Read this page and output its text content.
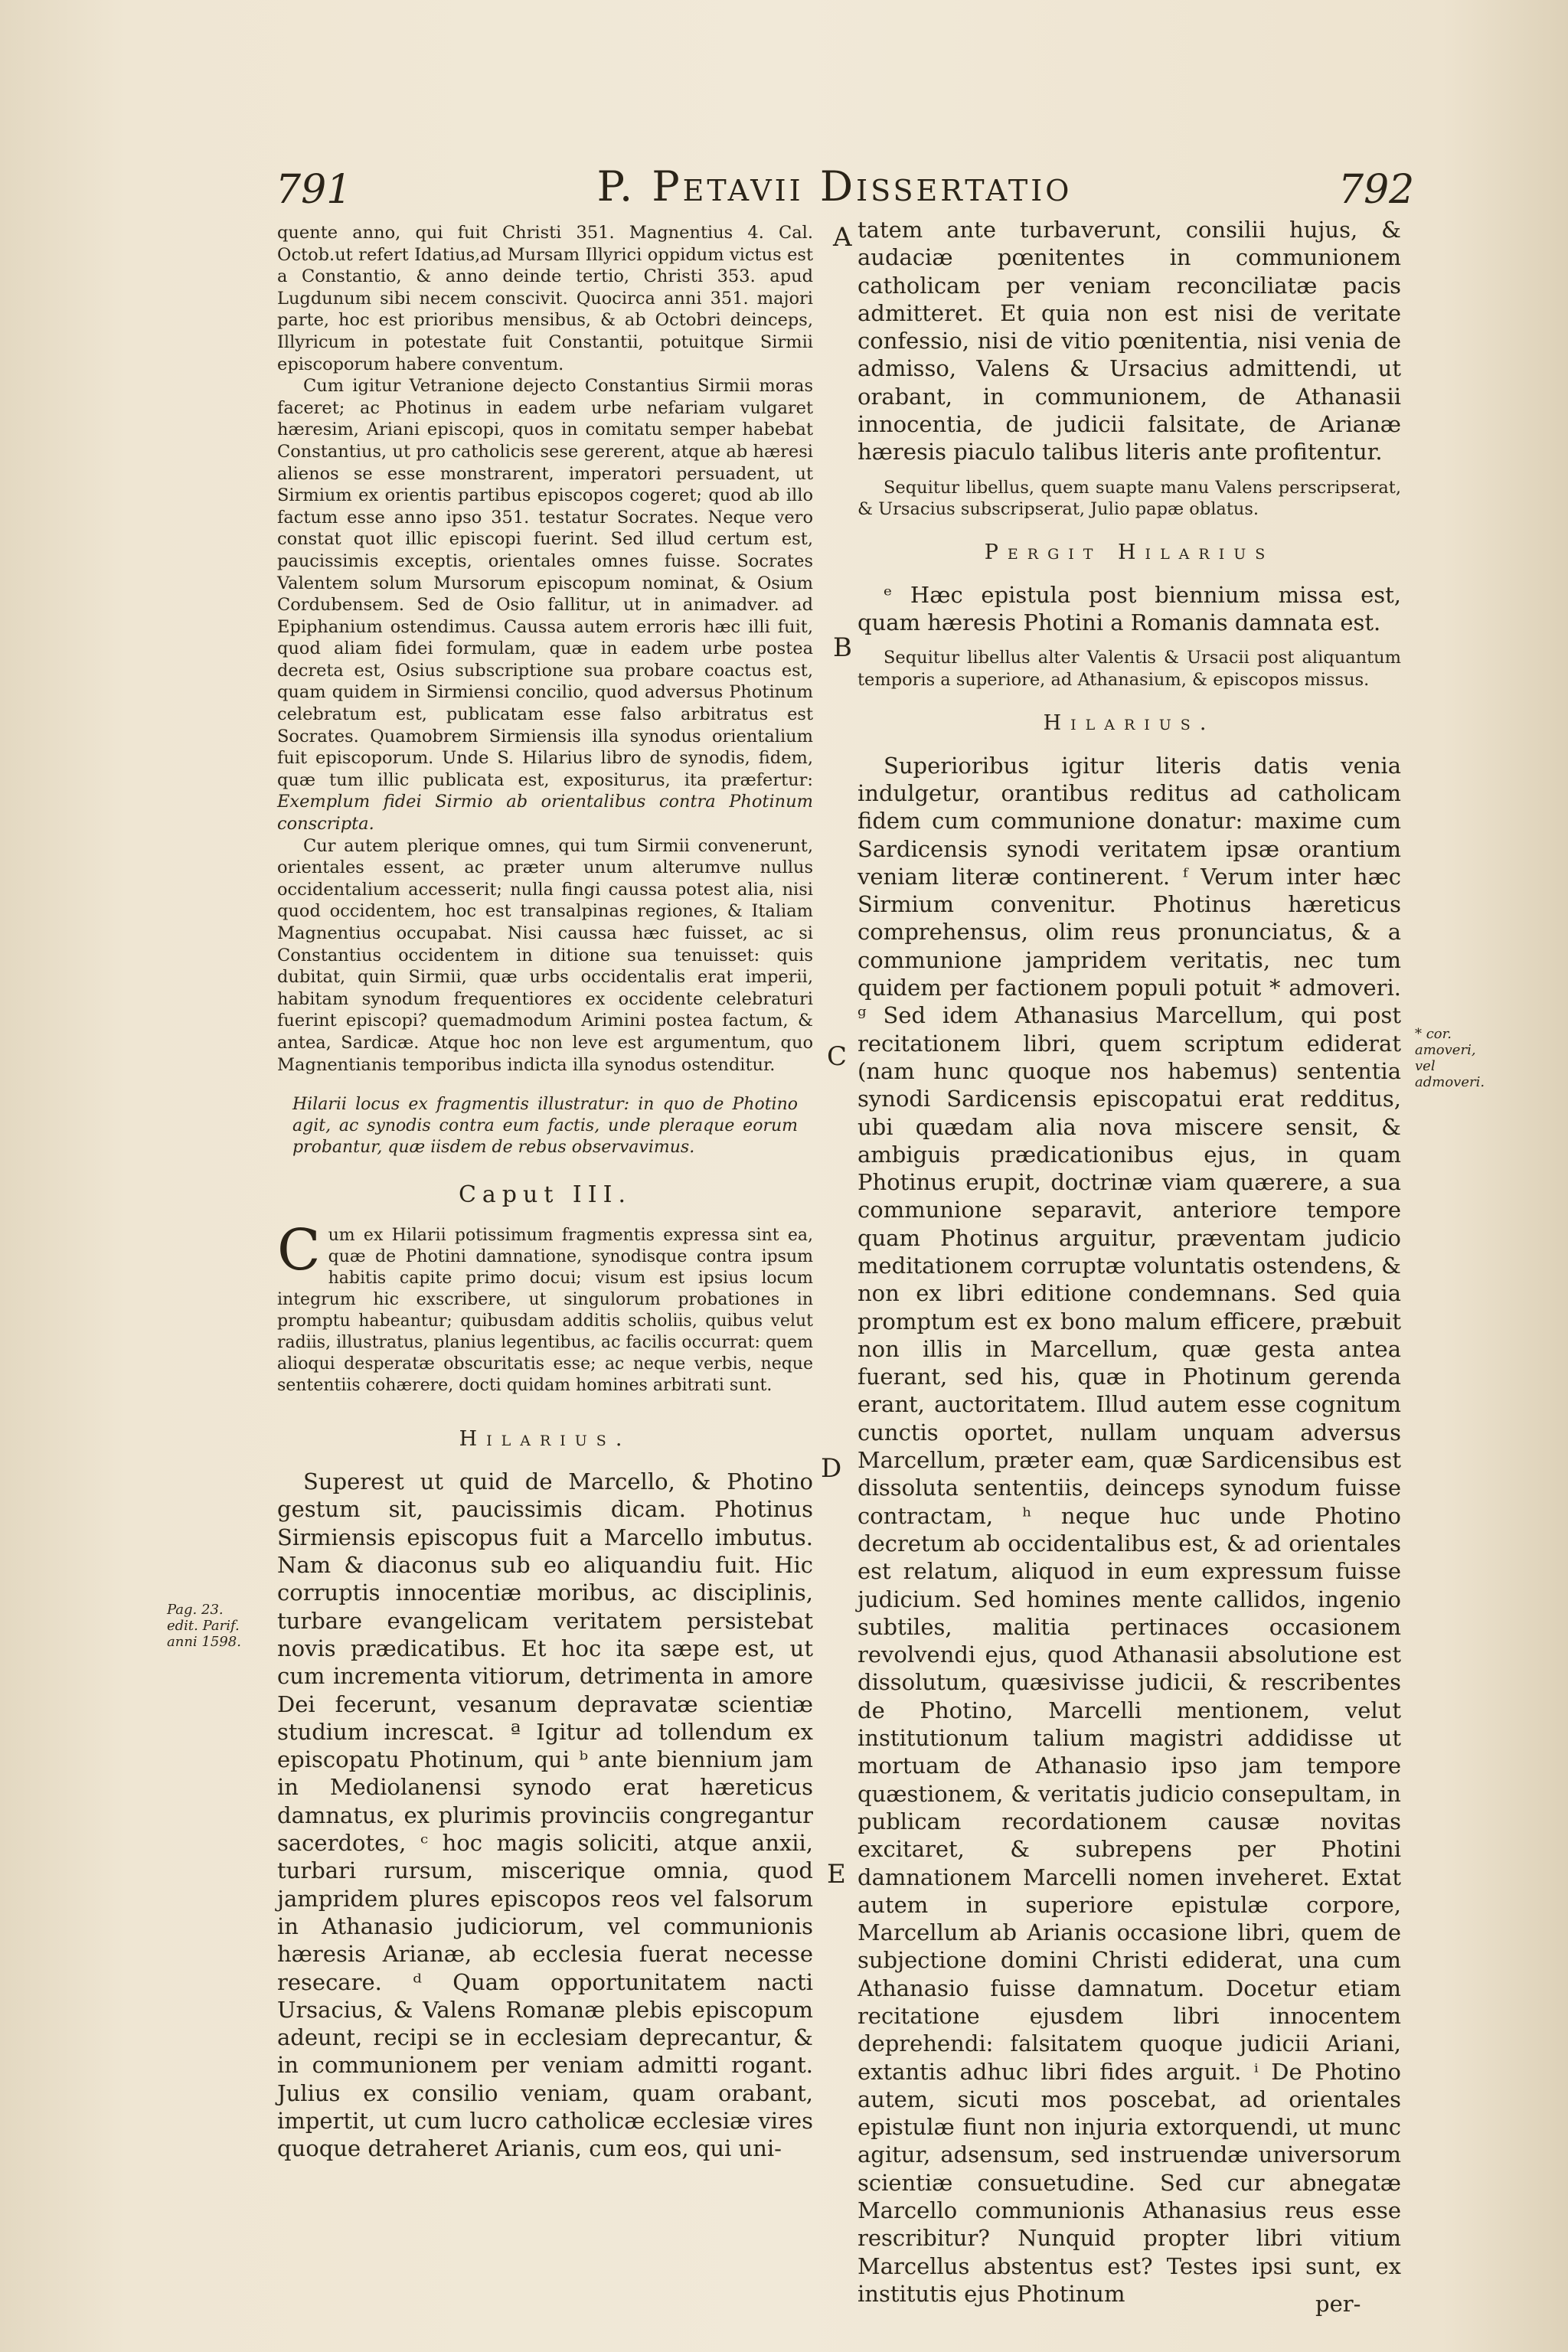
791	P. Petavii Dissertatio	792

quente anno, qui fuit Christi 351. Magnentius 4. Cal. Octob.ut refert Idatius,ad Mursam Illyrici oppidum victus est a Constantio, & anno deinde tertio, Christi 353. apud Lugdunum sibi necem conscivit. Quocirca anni 351. majori parte, hoc est prioribus mensibus, & ab Octobri deinceps, Illyricum in potestate fuit Constantii, potuitque Sirmii episcoporum habere conventum.

Cum igitur Vetranione dejecto Constantius Sirmii moras faceret; ac Photinus in eadem urbe nefariam vulgaret hæresim, Ariani episcopi, quos in comitatu semper habebat Constantius, ut pro catholicis sese gererent, atque ab hæresi alienos se esse monstrarent, imperatori persuadent, ut Sirmium ex orientis partibus episcopos cogeret; quod ab illo factum esse anno ipso 351. testatur Socrates. Neque vero constat quot illic episcopi fuerint. Sed illud certum est, paucissimis exceptis, orientales omnes fuisse. Socrates Valentem solum Mursorum episcopum nominat, & Osium Cordubensem. Sed de Osio fallitur, ut in animadver. ad Epiphanium ostendimus. Caussa autem erroris hæc illi fuit, quod aliam fidei formulam, quæ in eadem urbe postea decreta est, Osius subscriptione sua probare coactus est, quam quidem in Sirmiensi concilio, quod adversus Photinum celebratum est, publicatam esse falso arbitratus est Socrates. Quamobrem Sirmiensis illa synodus orientalium fuit episcoporum. Unde S. Hilarius libro de synodis, fidem, quæ tum illic publicata est, expositurus, ita præfertur: Exemplum fidei Sirmio ab orientalibus contra Photinum conscripta.

Cur autem plerique omnes, qui tum Sirmii convenerunt, orientales essent, ac præter unum alterumve nullus occidentalium accesserit; nulla fingi caussa potest alia, nisi quod occidentem, hoc est transalpinas regiones, & Italiam Magnentius occupabat. Nisi caussa hæc fuisset, ac si Constantius occidentem in ditione sua tenuisset: quis dubitat, quin Sirmii, quæ urbs occidentalis erat imperii, habitam synodum frequentiores ex occidente celebraturi fuerint episcopi? quemadmodum Arimini postea factum, & antea, Sardicæ. Atque hoc non leve est argumentum, quo Magnentianis temporibus indicta illa synodus ostenditur.

Hilarii locus ex fragmentis illustratur: in quo de Photino agit, ac synodis contra eum factis, unde pleraque eorum probantur, quæ iisdem de rebus observavimus.

Caput III.
C um ex Hilarii potissimum fragmentis expressa sint ea, quæ de Photini damnatione, synodisque contra ipsum habitis capite primo docui; visum est ipsius locum integrum hic exscribere, ut singulorum probationes in promptu habeantur; quibusdam additis scholiis, quibus velut radiis, illustratus, planius legentibus, ac facilis occurrat: quem alioqui desperatæ obscuritatis esse; ac neque verbis, neque sententiis cohærere, docti quidam homines arbitrati sunt.
Hilarius.

Superest ut quid de Marcello, & Photino gestum sit, paucissimis dicam. Photinus Sirmiensis episcopus fuit a Marcello imbutus. Nam & diaconus sub eo aliquandiu fuit. Hic corruptis innocentiæ moribus, ac disciplinis, turbare evangelicam veritatem persistebat novis prædicatibus. Et hoc ita sæpe est, ut cum incrementa vitiorum, detrimenta in amore Dei fecerunt, vesanum depravatæ scientiæ studium increscat. ª Igitur ad tollendum ex episcopatu Photinum, qui ᵇ ante biennium jam in Mediolanensi synodo erat hæreticus damnatus, ex plurimis provinciis congregantur sacerdotes, ᶜ hoc magis soliciti, atque anxii, turbari rursum, miscerique omnia, quod jampridem plures episcopos reos vel falsorum in Athanasio judiciorum, vel communionis hæresis Arianæ, ab ecclesia fuerat necesse resecare. ᵈ Quam opportunitatem nacti Ursacius, & Valens Romanæ plebis episcopum adeunt, recipi se in ecclesiam deprecantur, & in communionem per veniam admitti rogant. Julius ex consilio veniam, quam orabant, impertit, ut cum lucro catholicæ ecclesiæ vires quoque detraheret Arianis, cum eos, qui uni-

Pag. 23. edit. Parif. anni 1598.
A
B
C
D
E

tatem ante turbaverunt, consilii hujus, & audaciæ pœnitentes in communionem catholicam per veniam reconciliatæ pacis admitteret. Et quia non est nisi de veritate confessio, nisi de vitio pœnitentia, nisi venia de admisso, Valens & Ursacius admittendi, ut orabant, in communionem, de Athanasii innocentia, de judicii falsitate, de Arianæ hæresis piaculo talibus literis ante profitentur.

Sequitur libellus, quem suapte manu Valens perscripserat, & Ursacius subscripserat, Julio papæ oblatus.

Pergit Hilarius

ᵉ Hæc epistula post biennium missa est, quam hæresis Photini a Romanis damnata est.

Sequitur libellus alter Valentis & Ursacii post aliquantum temporis a superiore, ad Athanasium, & episcopos missus.

Hilarius.

Superioribus igitur literis datis venia indulgetur, orantibus reditus ad catholicam fidem cum communione donatur: maxime cum Sardicensis synodi veritatem ipsæ orantium veniam literæ continerent. ᶠ Verum inter hæc Sirmium convenitur. Photinus hæreticus comprehensus, olim reus pronunciatus, & a communione jampridem veritatis, nec tum quidem per factionem populi potuit * admoveri. ᵍ Sed idem Athanasius Marcellum, qui post recitationem libri, quem scriptum ediderat (nam hunc quoque nos habemus) sententia synodi Sardicensis episcopatui erat redditus, ubi quædam alia nova miscere sensit, & ambiguis prædicationibus ejus, in quam Photinus erupit, doctrinæ viam quærere, a sua communione separavit, anteriore tempore quam Photinus arguitur, præventam judicio meditationem corruptæ voluntatis ostendens, & non ex libri editione condemnans. Sed quia promptum est ex bono malum efficere, præbuit non illis in Marcellum, quæ gesta antea fuerant, sed his, quæ in Photinum gerenda erant, auctoritatem. Illud autem esse cognitum cunctis oportet, nullam unquam adversus Marcellum, præter eam, quæ Sardicensibus est dissoluta sententiis, deinceps synodum fuisse contractam, ʰ neque huc unde Photino decretum ab occidentalibus est, & ad orientales est relatum, aliquod in eum expressum fuisse judicium. Sed homines mente callidos, ingenio subtiles, malitia pertinaces occasionem revolvendi ejus, quod Athanasii absolutione est dissolutum, quæsivisse judicii, & rescribentes de Photino, Marcelli mentionem, velut institutionum talium magistri addidisse ut mortuam de Athanasio ipso jam tempore quæstionem, & veritatis judicio consepultam, in publicam recordationem causæ novitas excitaret, & subrepens per Photini damnationem Marcelli nomen inveheret. Extat autem in superiore epistulæ corpore, Marcellum ab Arianis occasione libri, quem de subjectione domini Christi ediderat, una cum Athanasio fuisse damnatum. Docetur etiam recitatione ejusdem libri innocentem deprehendi: falsitatem quoque judicii Ariani, extantis adhuc libri fides arguit. ⁱ De Photino autem, sicuti mos poscebat, ad orientales epistulæ fiunt non injuria extorquendi, ut munc agitur, adsensum, sed instruendæ universorum scientiæ consuetudine. Sed cur abnegatæ Marcello communionis Athanasius reus esse rescribitur? Nunquid propter libri vitium Marcellus abstentus est? Testes ipsi sunt, ex institutis ejus Photinum

* cor. amoveri, vel admoveri.
per-
